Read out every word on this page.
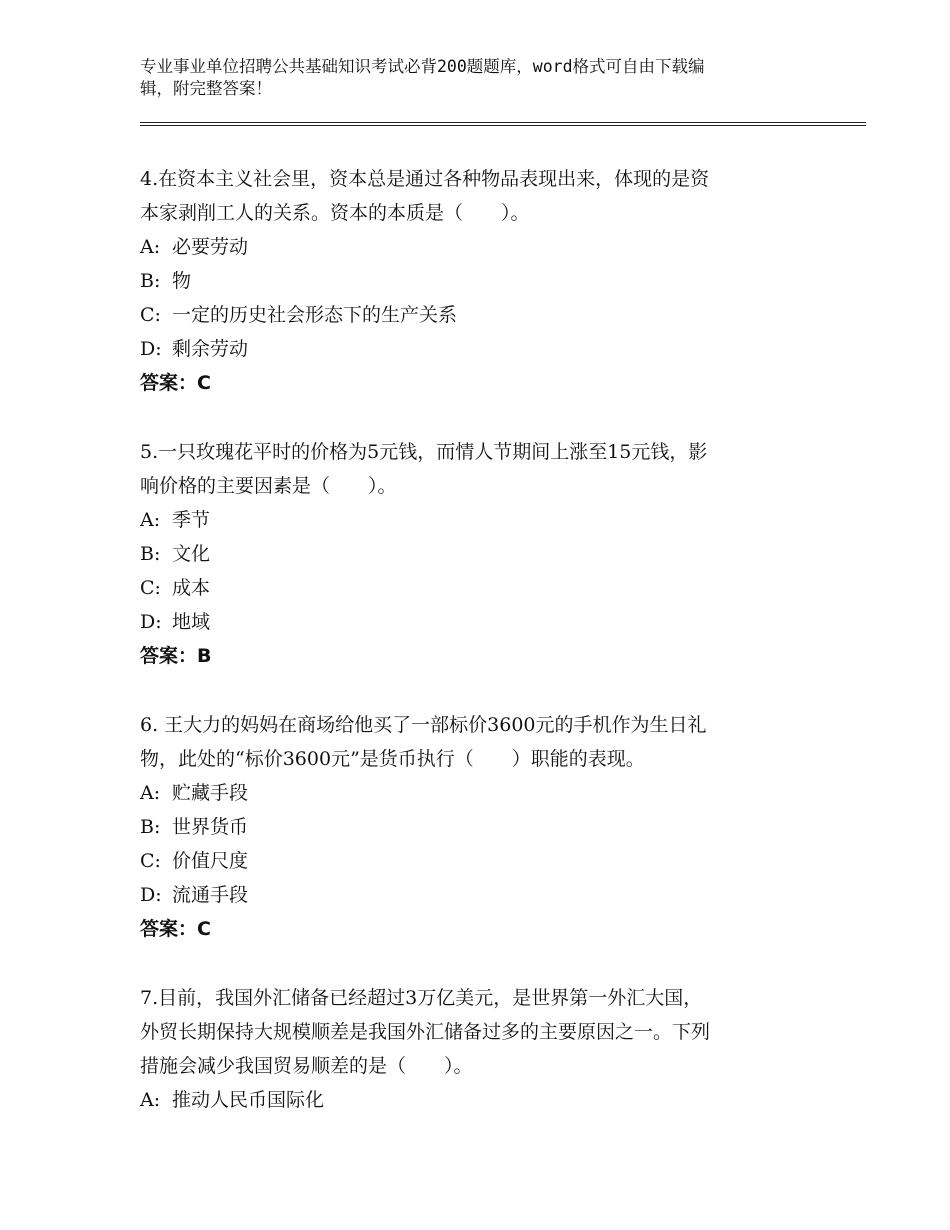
专业事业单位招聘公共基础知识考试必背200题题库，word格式可自由下载编
辑，附完整答案！

4.在资本主义社会里，资本总是通过各种物品表现出来，体现的是资

本家剥削工人的关系。资本的本质是（　　）。

A: 必要劳动

B: 物

C: 一定的历史社会形态下的生产关系

D: 剩余劳动

答案：C

5.一只玫瑰花平时的价格为5元钱，而情人节期间上涨至15元钱，影

响价格的主要因素是（　　）。

A: 季节

B: 文化

C: 成本

D: 地域

答案：B

6. 王大力的妈妈在商场给他买了一部标价3600元的手机作为生日礼

物，此处的“标价3600元”是货币执行（　　）职能的表现。

A: 贮藏手段

B: 世界货币

C: 价值尺度

D: 流通手段

答案：C

7.目前，我国外汇储备已经超过3万亿美元，是世界第一外汇大国，

外贸长期保持大规模顺差是我国外汇储备过多的主要原因之一。下列

措施会减少我国贸易顺差的是（　　）。

A: 推动人民币国际化
